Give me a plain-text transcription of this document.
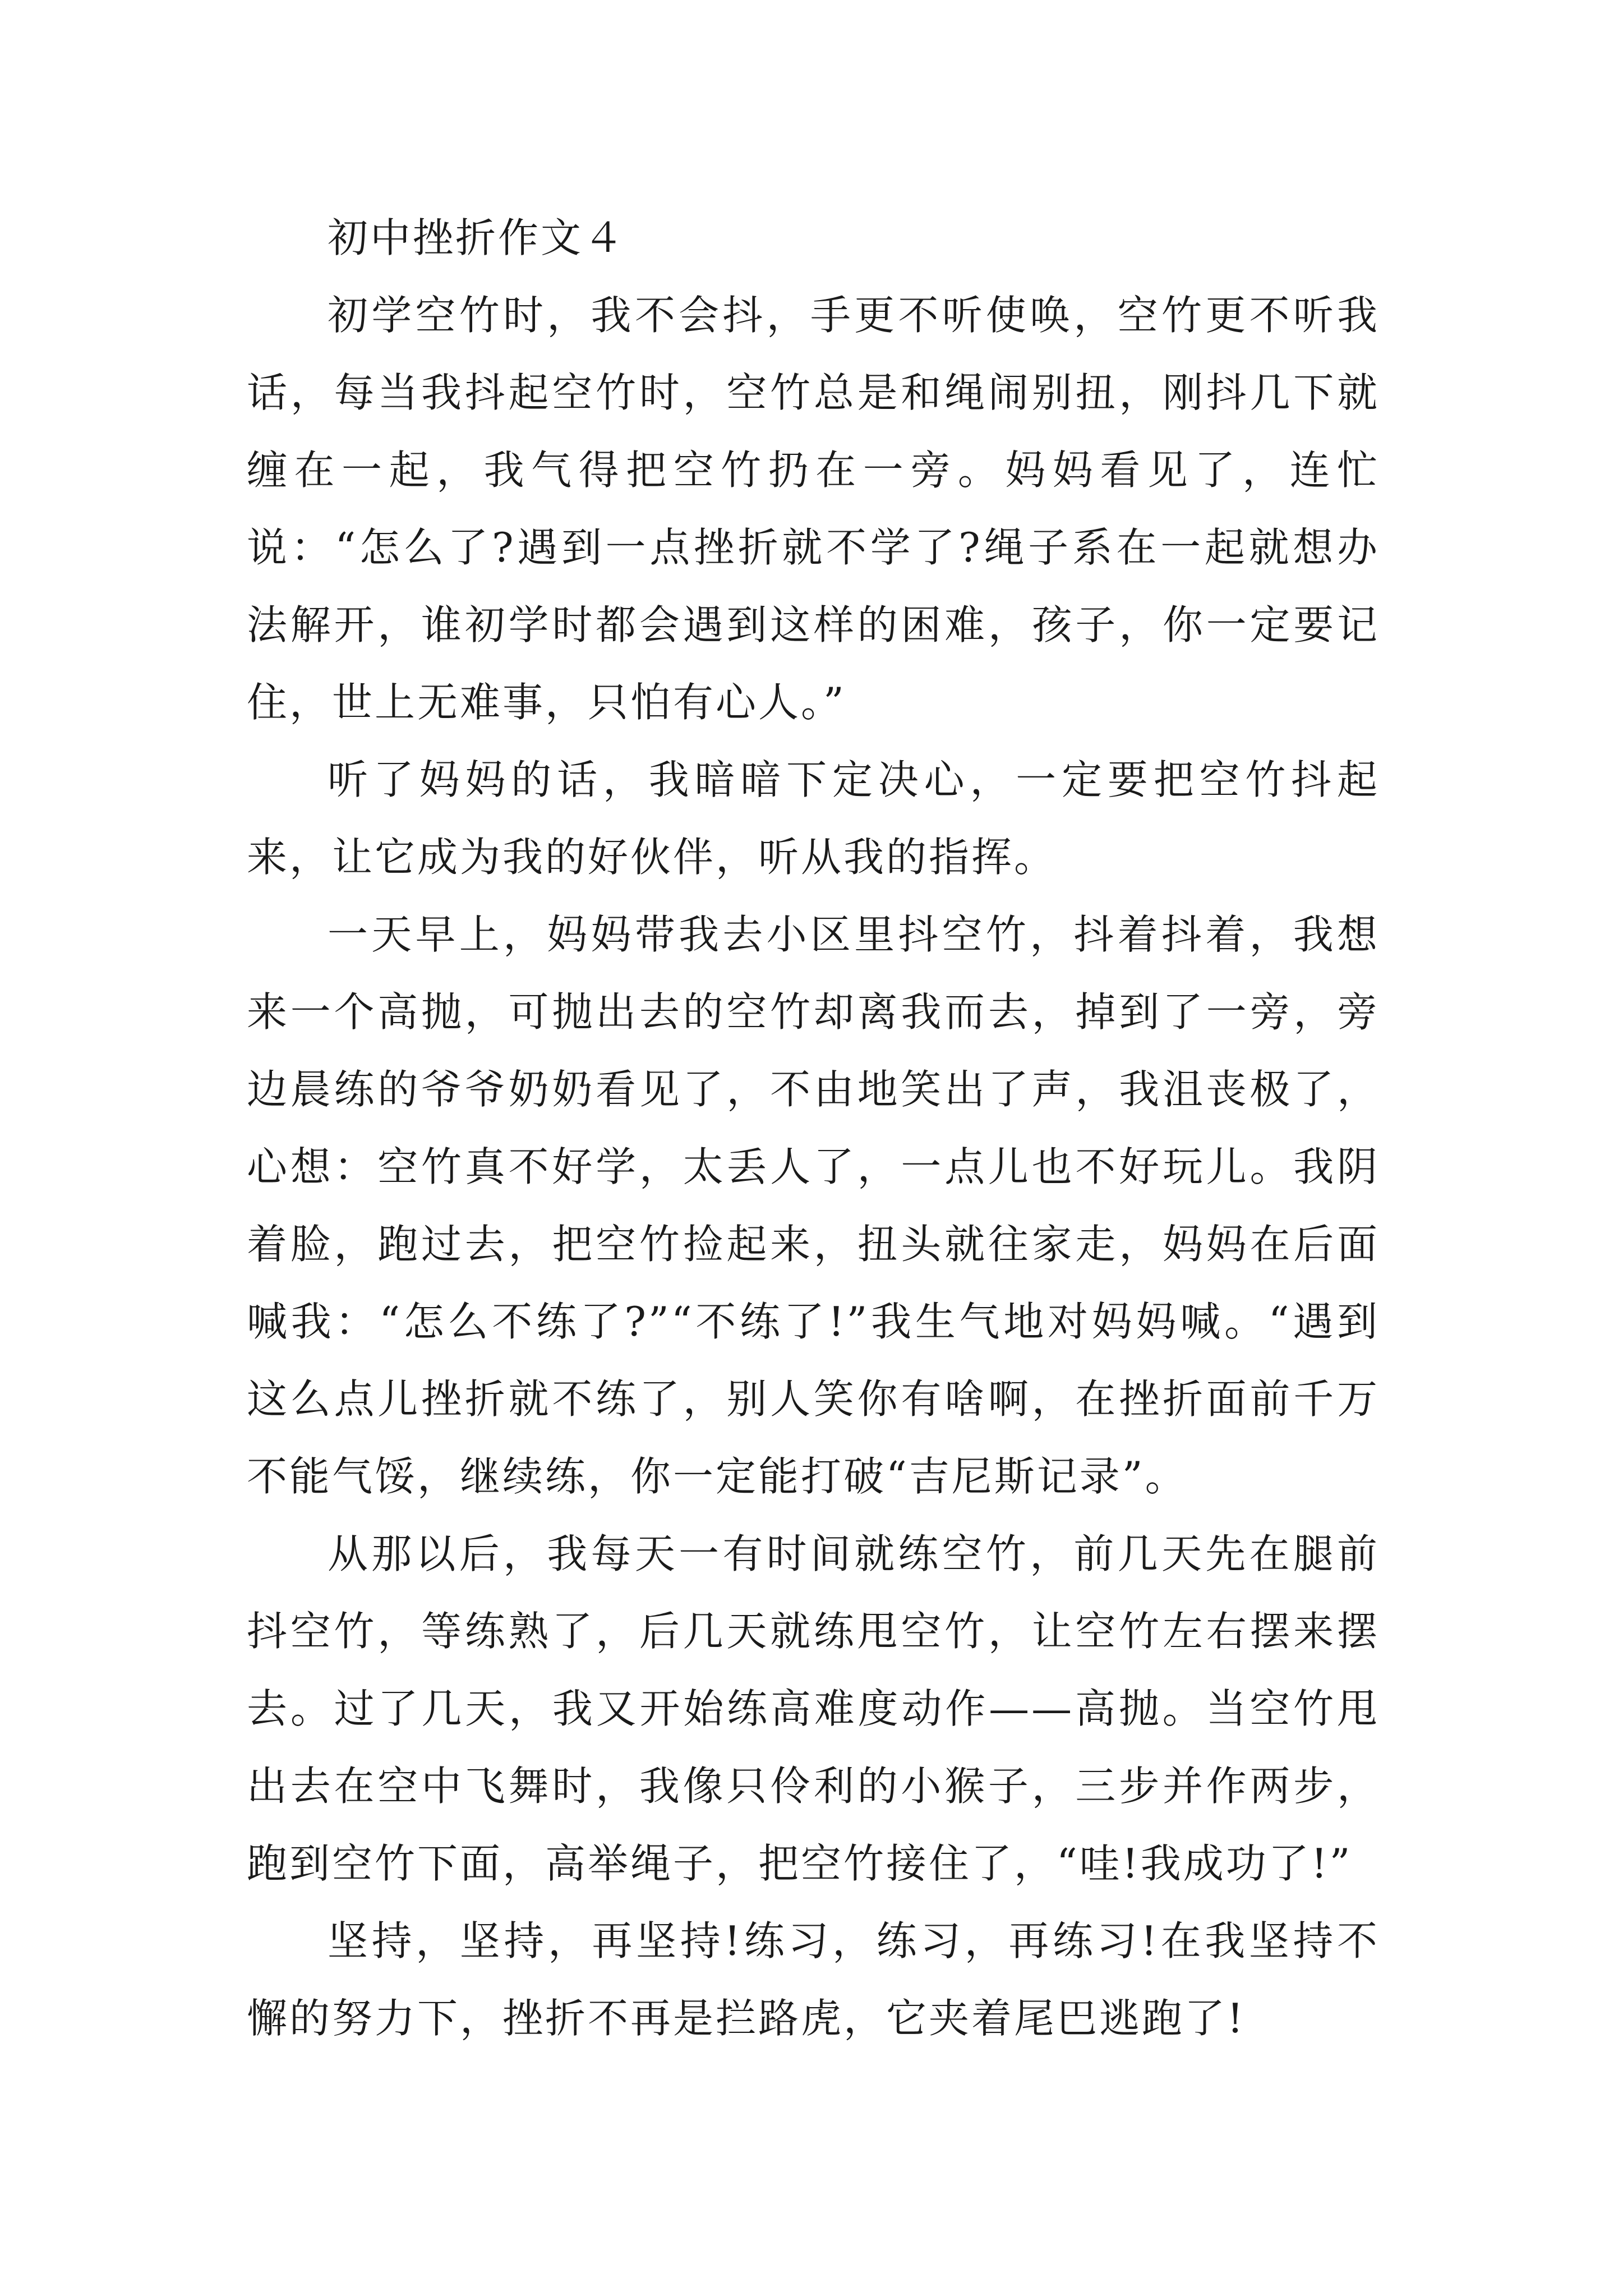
初中挫折作文４

初学空竹时，我不会抖，手更不听使唤，空竹更不听我话，每当我抖起空竹时，空竹总是和绳闹别扭，刚抖几下就缠在一起，我气得把空竹扔在一旁。妈妈看见了，连忙说：“怎么了?遇到一点挫折就不学了?绳子系在一起就想办法解开，谁初学时都会遇到这样的困难，孩子，你一定要记住，世上无难事，只怕有心人。”

听了妈妈的话，我暗暗下定决心，一定要把空竹抖起来，让它成为我的好伙伴，听从我的指挥。

一天早上，妈妈带我去小区里抖空竹，抖着抖着，我想来一个高抛，可抛出去的空竹却离我而去，掉到了一旁，旁边晨练的爷爷奶奶看见了，不由地笑出了声，我沮丧极了，心想：空竹真不好学，太丢人了，一点儿也不好玩儿。我阴着脸，跑过去，把空竹捡起来，扭头就往家走，妈妈在后面喊我：“怎么不练了?”“不练了!”我生气地对妈妈喊。“遇到这么点儿挫折就不练了，别人笑你有啥啊，在挫折面前千万不能气馁，继续练，你一定能打破“吉尼斯记录”。

从那以后，我每天一有时间就练空竹，前几天先在腿前抖空竹，等练熟了，后几天就练甩空竹，让空竹左右摆来摆去。过了几天，我又开始练高难度动作——高抛。当空竹甩出去在空中飞舞时，我像只伶利的小猴子，三步并作两步，跑到空竹下面，高举绳子，把空竹接住了，“哇!我成功了!”

坚持，坚持，再坚持!练习，练习，再练习!在我坚持不懈的努力下，挫折不再是拦路虎，它夹着尾巴逃跑了!
